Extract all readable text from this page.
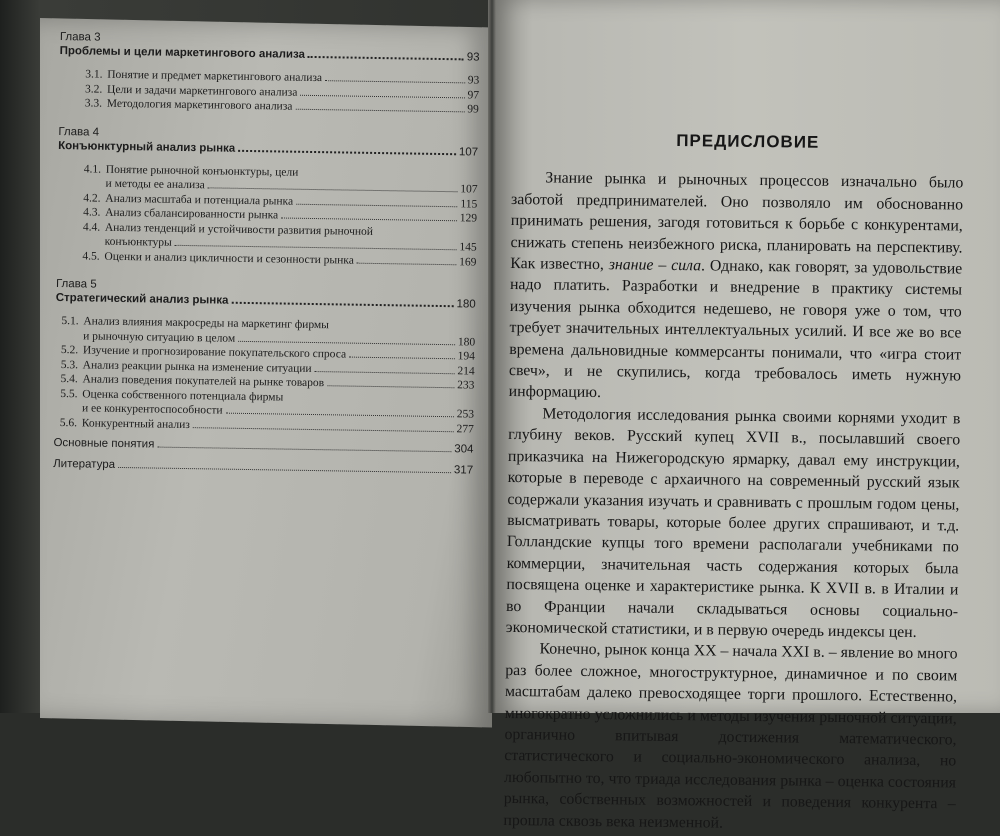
Глава 3

Проблемы и цели маркетингового анализа	93
3.1. Понятие и предмет маркетингового анализа	93
3.2. Цели и задачи маркетингового анализа	97
3.3. Методология маркетингового анализа	99

Глава 4

Конъюнктурный анализ рынка	107
4.1. Понятие рыночной конъюнктуры, цели
и методы ее анализа	107
4.2. Анализ масштаба и потенциала рынка	115
4.3. Анализ сбалансированности рынка	129
4.4. Анализ тенденций и устойчивости развития рыночной
конъюнктуры	145
4.5. Оценки и анализ цикличности и сезонности рынка	169

Глава 5

Стратегический анализ рынка	180
5.1. Анализ влияния макросреды на маркетинг фирмы
и рыночную ситуацию в целом	180
5.2. Изучение и прогнозирование покупательского спроса	194
5.3. Анализ реакции рынка на изменение ситуации	214
5.4. Анализ поведения покупателей на рынке товаров	233
5.5. Оценка собственного потенциала фирмы
и ее конкурентоспособности	253
5.6. Конкурентный анализ	277
Основные понятия	304
Литература	317
ПРЕДИСЛОВИЕ

Знание рынка и рыночных процессов изначально было заботой предпринимателей. Оно позволяло им обоснованно принимать решения, загодя готовиться к борьбе с конкурентами, снижать степень неизбежного риска, планировать на перспективу. Как известно, знание – сила. Однако, как говорят, за удовольствие надо платить. Разработки и внедрение в практику системы изучения рынка обходится недешево, не говоря уже о том, что требует значительных интеллектуальных усилий. И все же во все времена дальновидные коммерсанты понимали, что «игра стоит свеч», и не скупились, когда требовалось иметь нужную информацию.

Методология исследования рынка своими корнями уходит в глубину веков. Русский купец XVII в., посылавший своего приказчика на Нижегородскую ярмарку, давал ему инструкции, которые в переводе с архаичного на современный русский язык содержали указания изучать и сравнивать с прошлым годом цены, высматривать товары, которые более других спрашивают, и т.д. Голландские купцы того времени располагали учебниками по коммерции, значительная часть содержания которых была посвящена оценке и характеристике рынка. К XVII в. в Италии и во Франции начали складываться основы социально-экономической статистики, и в первую очередь индексы цен.

Конечно, рынок конца XX – начала XXI в. – явление во много раз более сложное, многоструктурное, динамичное и по своим масштабам далеко превосходящее торги прошлого. Естественно, многократно усложнились и методы изучения рыночной ситуации, органично впитывая достижения математического, статистического и социально-экономического анализа, но любопытно то, что триада исследования рынка – оценка состояния рынка, собственных возможностей и поведения конкурента – прошла сквозь века неизменной.
